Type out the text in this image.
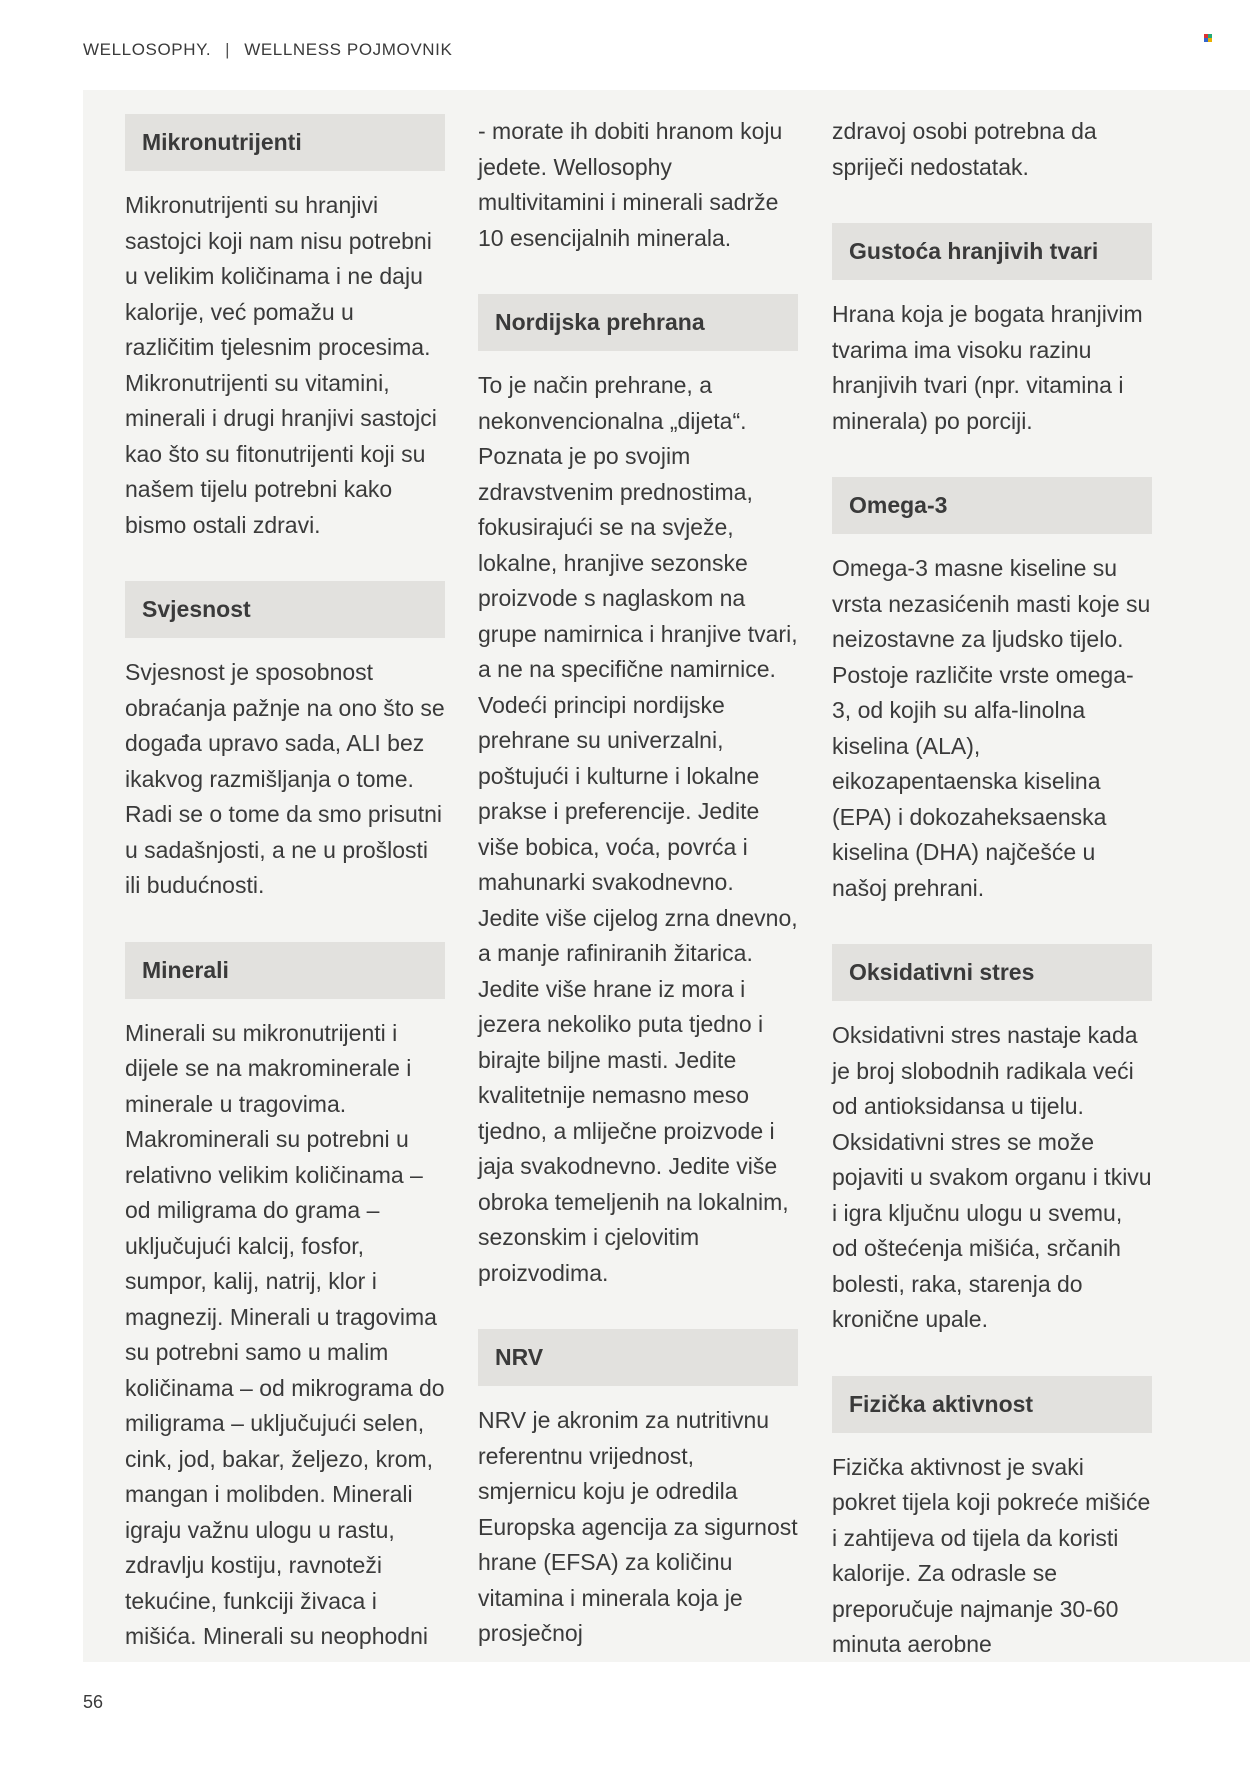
WELLOSOPHY. | WELLNESS POJMOVNIK
Mikronutrijenti

Mikronutrijenti su hranjivi sastojci koji nam nisu potrebni u velikim količinama i ne daju kalorije, već pomažu u različitim tjelesnim procesima. Mikronutrijenti su vitamini, minerali i drugi hranjivi sastojci kao što su fitonutrijenti koji su našem tijelu potrebni kako bismo ostali zdravi.

Svjesnost

Svjesnost je sposobnost obraćanja pažnje na ono što se događa upravo sada, ALI bez ikakvog razmišljanja o tome. Radi se o tome da smo prisutni u sadašnjosti, a ne u prošlosti ili budućnosti.

Minerali

Minerali su mikronutrijenti i dijele se na makrominerale i minerale u tragovima. Makrominerali su potrebni u relativno velikim količinama – od miligrama do grama – uključujući kalcij, fosfor, sumpor, kalij, natrij, klor i magnezij. Minerali u tragovima su potrebni samo u malim količinama – od mikrograma do miligrama – uključujući selen, cink, jod, bakar, željezo, krom, mangan i molibden. Minerali igraju važnu ulogu u rastu, zdravlju kostiju, ravnoteži tekućine, funkciji živaca i mišića. Minerali su neophodni

- morate ih dobiti hranom koju jedete. Wellosophy multivitamini i minerali sadrže 10 esencijalnih minerala.

Nordijska prehrana

To je način prehrane, a nekonvencionalna „dijeta“. Poznata je po svojim zdravstvenim prednostima, fokusirajući se na svježe, lokalne, hranjive sezonske proizvode s naglaskom na grupe namirnica i hranjive tvari, a ne na specifične namirnice. Vodeći principi nordijske prehrane su univerzalni, poštujući i kulturne i lokalne prakse i preferencije. Jedite više bobica, voća, povrća i mahunarki svakodnevno. Jedite više cijelog zrna dnevno, a manje rafiniranih žitarica. Jedite više hrane iz mora i jezera nekoliko puta tjedno i birajte biljne masti. Jedite kvalitetnije nemasno meso tjedno, a mliječne proizvode i jaja svakodnevno. Jedite više obroka temeljenih na lokalnim, sezonskim i cjelovitim proizvodima.

NRV

NRV je akronim za nutritivnu referentnu vrijednost, smjernicu koju je odredila Europska agencija za sigurnost hrane (EFSA) za količinu vitamina i minerala koja je prosječnoj

zdravoj osobi potrebna da spriječi nedostatak.

Gustoća hranjivih tvari

Hrana koja je bogata hranjivim tvarima ima visoku razinu hranjivih tvari (npr. vitamina i minerala) po porciji.

Omega-3

Omega-3 masne kiseline su vrsta nezasićenih masti koje su neizostavne za ljudsko tijelo. Postoje različite vrste omega-3, od kojih su alfa-linolna kiselina (ALA), eikozapentaenska kiselina (EPA) i dokozaheksaenska kiselina (DHA) najčešće u našoj prehrani.

Oksidativni stres

Oksidativni stres nastaje kada je broj slobodnih radikala veći od antioksidansa u tijelu. Oksidativni stres se može pojaviti u svakom organu i tkivu i igra ključnu ulogu u svemu, od oštećenja mišića, srčanih bolesti, raka, starenja do kronične upale.

Fizička aktivnost

Fizička aktivnost je svaki pokret tijela koji pokreće mišiće i zahtijeva od tijela da koristi kalorije. Za odrasle se preporučuje najmanje 30-60 minuta aerobne

56
